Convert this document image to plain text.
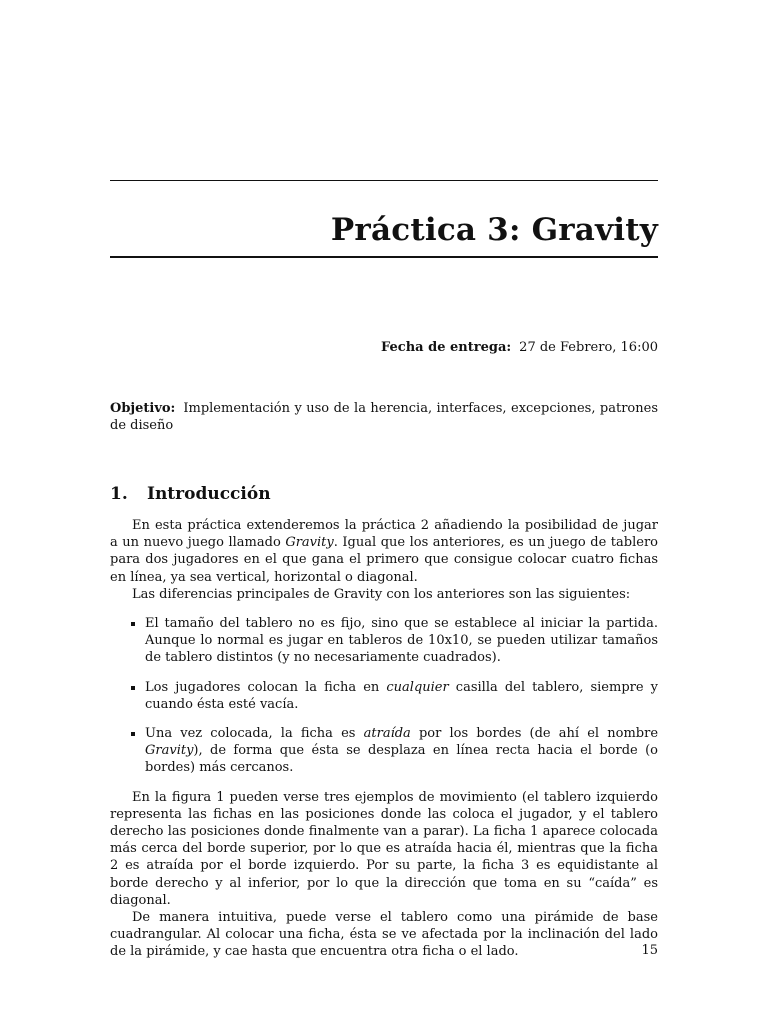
Práctica 3: Gravity
Fecha de entrega: 27 de Febrero, 16:00
Objetivo: Implementación y uso de la herencia, interfaces, excepciones, patrones de diseño
1. Introducción

En esta práctica extenderemos la práctica 2 añadiendo la posibilidad de jugar a un nuevo juego llamado Gravity. Igual que los anteriores, es un juego de tablero para dos jugadores en el que gana el primero que consigue colocar cuatro fichas en línea, ya sea vertical, horizontal o diagonal.

Las diferencias principales de Gravity con los anteriores son las siguientes:

El tamaño del tablero no es fijo, sino que se establece al iniciar la partida. Aunque lo normal es jugar en tableros de 10x10, se pueden utilizar tamaños de tablero distintos (y no necesariamente cuadrados).
Los jugadores colocan la ficha en cualquier casilla del tablero, siempre y cuando ésta esté vacía.
Una vez colocada, la ficha es atraída por los bordes (de ahí el nombre Gravity), de forma que ésta se desplaza en línea recta hacia el borde (o bordes) más cercanos.

En la figura 1 pueden verse tres ejemplos de movimiento (el tablero izquierdo representa las fichas en las posiciones donde las coloca el jugador, y el tablero derecho las posiciones donde finalmente van a parar). La ficha 1 aparece colocada más cerca del borde superior, por lo que es atraída hacia él, mientras que la ficha 2 es atraída por el borde izquierdo. Por su parte, la ficha 3 es equidistante al borde derecho y al inferior, por lo que la dirección que toma en su “caída” es diagonal.

De manera intuitiva, puede verse el tablero como una pirámide de base cuadrangular. Al colocar una ficha, ésta se ve afectada por la inclinación del lado de la pirámide, y cae hasta que encuentra otra ficha o el lado.	15
